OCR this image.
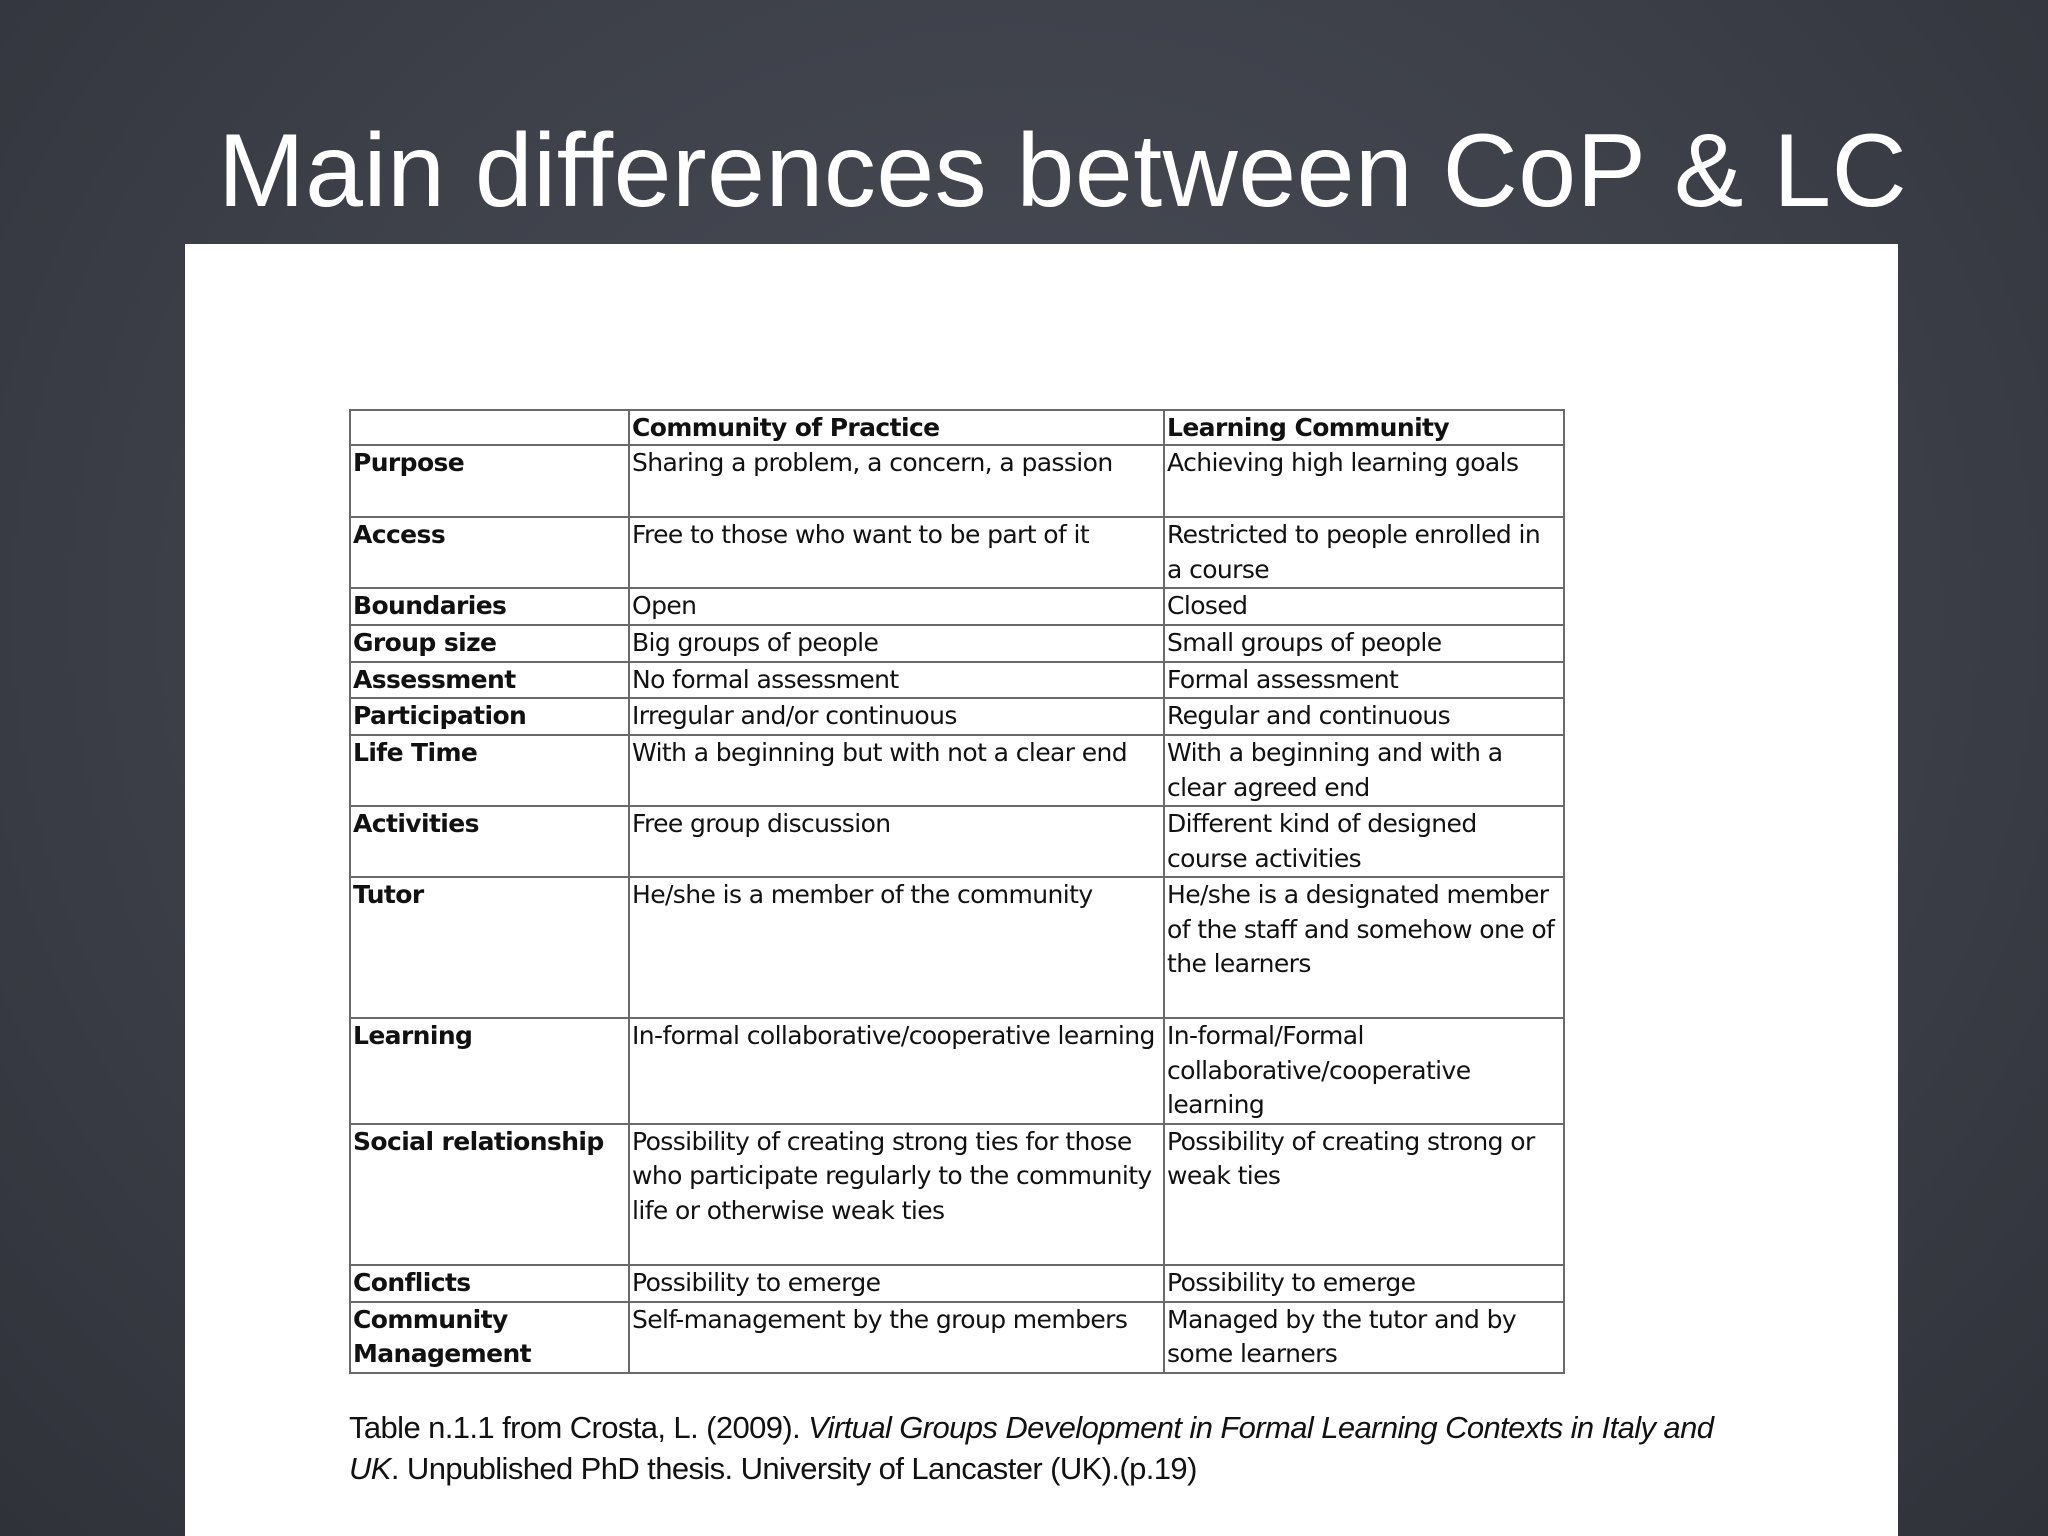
Main differences between CoP & LC
	Community of Practice	Learning Community
Purpose	Sharing a problem, a concern, a passion	Achieving high learning goals
Access	Free to those who want to be part of it	Restricted to people enrolled in a course
Boundaries	Open	Closed
Group size	Big groups of people	Small groups of people
Assessment	No formal assessment	Formal assessment
Participation	Irregular and/or continuous	Regular and continuous
Life Time	With a beginning but with not a clear end	With a beginning and with a clear agreed end
Activities	Free group discussion	Different kind of designed course activities
Tutor	He/she is a member of the community	He/she is a designated member of the staff and somehow one of the learners
Learning	In-formal collaborative/cooperative learning	In-formal/Formal collaborative/cooperative learning
Social relationship	Possibility of creating strong ties for those who participate regularly to the community life or otherwise weak ties	Possibility of creating strong or weak ties
Conflicts	Possibility to emerge	Possibility to emerge
Community Management	Self-management by the group members	Managed by the tutor and by some learners
Table n.1.1 from Crosta, L. (2009). Virtual Groups Development in Formal Learning Contexts in Italy and UK. Unpublished PhD thesis. University of Lancaster (UK).(p.19)
